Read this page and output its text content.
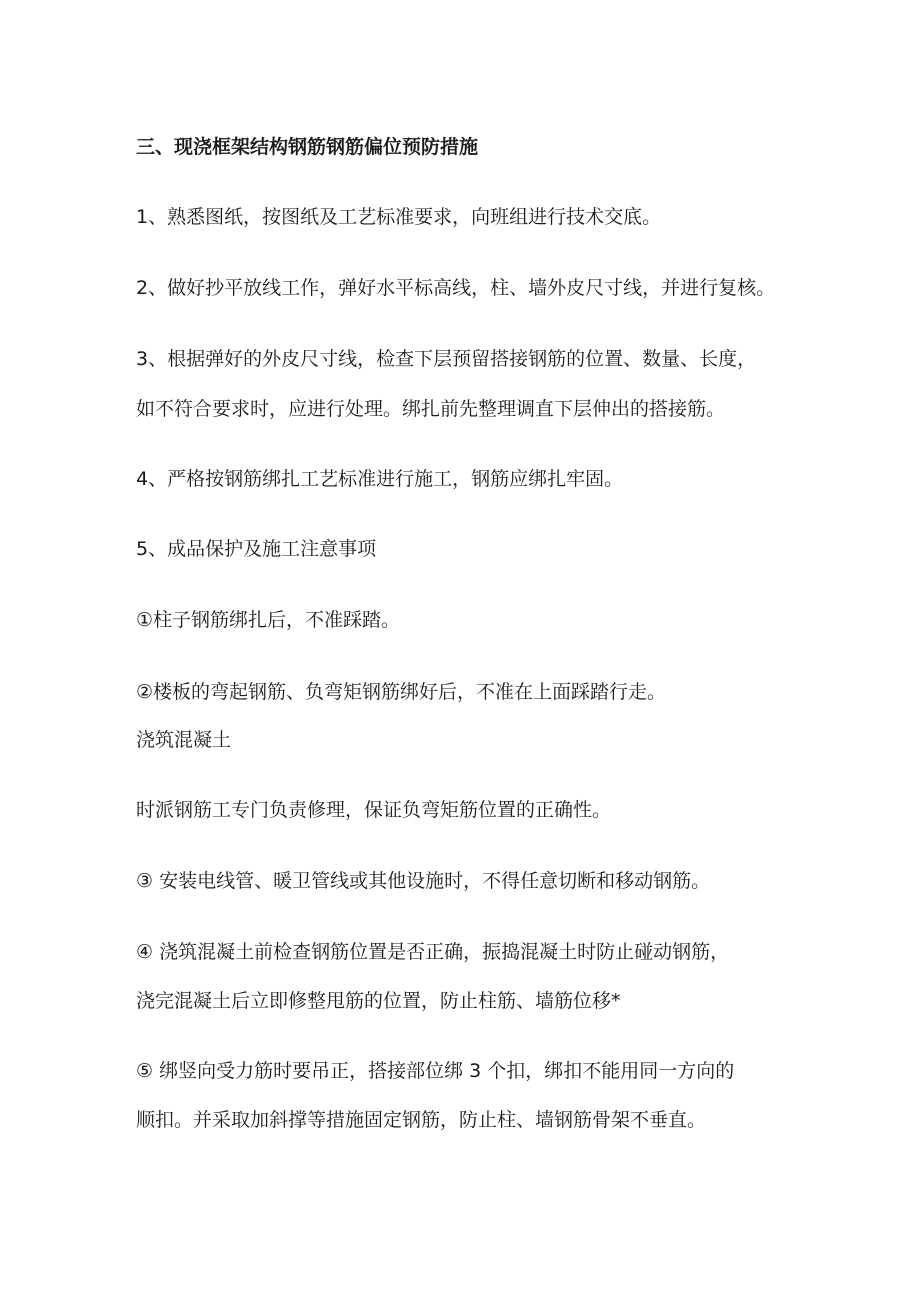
三、现浇框架结构钢筋钢筋偏位预防措施
1、熟悉图纸，按图纸及工艺标准要求，向班组进行技术交底。
2、做好抄平放线工作，弹好水平标高线，柱、墙外皮尺寸线，并进行复核。
3、根据弹好的外皮尺寸线，检查下层预留搭接钢筋的位置、数量、长度，
如不符合要求时，应进行处理。绑扎前先整理调直下层伸出的搭接筋。
4、严格按钢筋绑扎工艺标准进行施工，钢筋应绑扎牢固。
5、成品保护及施工注意事项
①柱子钢筋绑扎后，不准踩踏。
②楼板的弯起钢筋、负弯矩钢筋绑好后，不准在上面踩踏行走。
浇筑混凝土
时派钢筋工专门负责修理，保证负弯矩筋位置的正确性。
③ 安装电线管、暖卫管线或其他设施时，不得任意切断和移动钢筋。
④ 浇筑混凝土前检查钢筋位置是否正确，振捣混凝土时防止碰动钢筋，
浇完混凝土后立即修整甩筋的位置，防止柱筋、墙筋位移*
⑤ 绑竖向受力筋时要吊正，搭接部位绑 3 个扣，绑扣不能用同一方向的
顺扣。并采取加斜撑等措施固定钢筋，防止柱、墙钢筋骨架不垂直。
